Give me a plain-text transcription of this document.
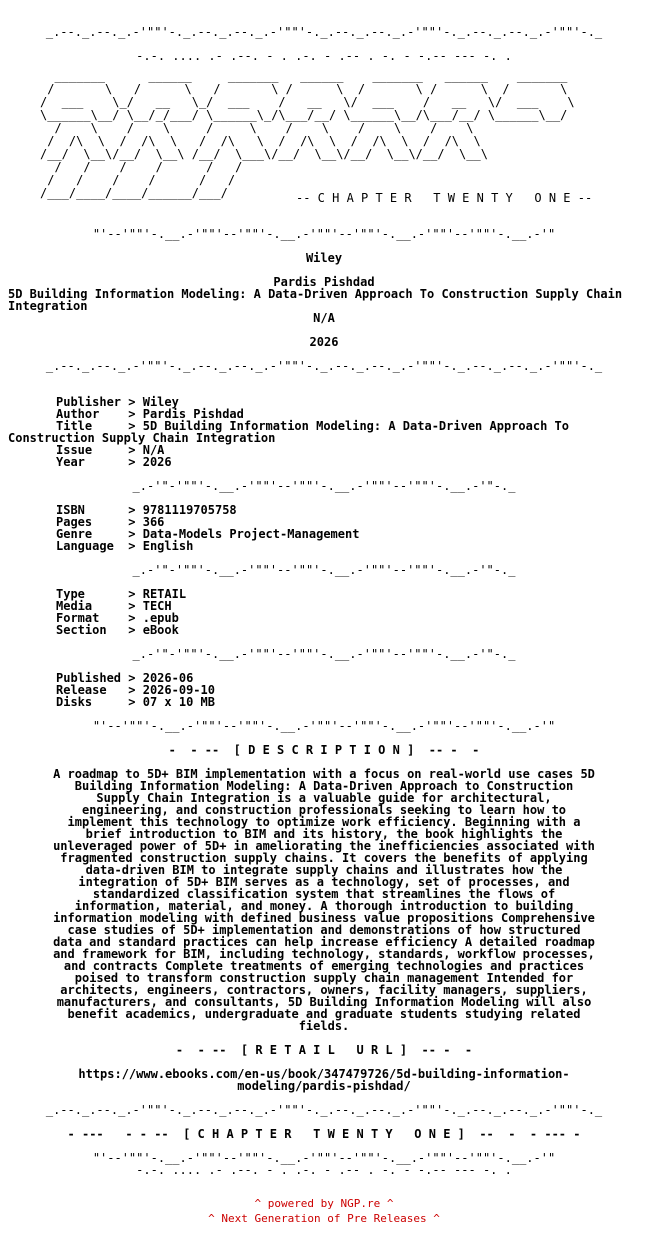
_.--._.--._.-'""'-._.--._.--._.-'""'-._.--._.--._.-'""'-._.--._.--._.-'""'-._
-.-. .... .- .--. - . .-. - .-- . -. - -.-- --- -. .
_______      ______     _______   ______    _______   ______    _______
/       \   /      \   /       \ /      \  /       \ /      \  /       \
/  ___    \_/   __   \_/  ___    /   __   \/  ___    /   __   \/  ___    \
\______\__/ \__/_/___/ \______\_/\___/__/ \______\__/\___/__/ \______\__/
/    \    /    \     /     \    /    \    /    \    /    \
/  /\  \  /  /\  \   /  /\   \  /  /\  \  /  /\  \  /  /\  \
/__/  \__\/__/  \__\ /__/  \___\/__/  \__\/__/  \__\/__/  \__\
/   /    /    /      /   /
/   /    /    /      /   /
/___/____/____/______/___/	-- C H A P T E R   T W E N T Y   O N E --
"'--'""'-.__.-'""'--'""'-.__.-'""'--'""'-.__.-'""'--'""'-.__.-'"
Wiley
Pardis Pishdad
5D Building Information Modeling: A Data-Driven Approach To Construction Supply Chain Integration
N/A
2026
_.--._.--._.-'""'-._.--._.--._.-'""'-._.--._.--._.-'""'-._.--._.--._.-'""'-._
Publisher > Wiley
Author    > Pardis Pishdad
Title     > 5D Building Information Modeling: A Data-Driven Approach To
Construction Supply Chain Integration
Issue     > N/A
Year      > 2026
_.-'"-'""'-.__.-'""'--'""'-.__.-'""'--'""'-.__.-'"-._
ISBN      > 9781119705758
Pages     > 366
Genre     > Data-Models Project-Management
Language  > English
_.-'"-'""'-.__.-'""'--'""'-.__.-'""'--'""'-.__.-'"-._
Type      > RETAIL
Media     > TECH
Format    > .epub
Section   > eBook
_.-'"-'""'-.__.-'""'--'""'-.__.-'""'--'""'-.__.-'"-._
Published > 2026-06
Release   > 2026-09-10
Disks     > 07 x 10 MB
"'--'""'-.__.-'""'--'""'-.__.-'""'--'""'-.__.-'""'--'""'-.__.-'"
-  - --  [ D E S C R I P T I O N ]  -- -  -
A roadmap to 5D+ BIM implementation with a focus on real-world use cases 5D
Building Information Modeling: A Data-Driven Approach to Construction
Supply Chain Integration is a valuable guide for architectural,
engineering, and construction professionals seeking to learn how to
implement this technology to optimize work efficiency. Beginning with a
brief introduction to BIM and its history, the book highlights the
unleveraged power of 5D+ in ameliorating the inefficiencies associated with
fragmented construction supply chains. It covers the benefits of applying
data-driven BIM to integrate supply chains and illustrates how the
integration of 5D+ BIM serves as a technology, set of processes, and
standardized classification system that streamlines the flows of
information, material, and money. A thorough introduction to building
information modeling with defined business value propositions Comprehensive
case studies of 5D+ implementation and demonstrations of how structured
data and standard practices can help increase efficiency A detailed roadmap
and framework for BIM, including technology, standards, workflow processes,
and contracts Complete treatments of emerging technologies and practices
poised to transform construction supply chain management Intended for
architects, engineers, contractors, owners, facility managers, suppliers,
manufacturers, and consultants, 5D Building Information Modeling will also
benefit academics, undergraduate and graduate students studying related
fields.
-  - --  [ R E T A I L   U R L ]  -- -  -
https://www.ebooks.com/en-us/book/347479726/5d-building-information-
modeling/pardis-pishdad/
_.--._.--._.-'""'-._.--._.--._.-'""'-._.--._.--._.-'""'-._.--._.--._.-'""'-._
- ---   - - --  [ C H A P T E R   T W E N T Y   O N E ]  --  -  - --- -
"'--'""'-.__.-'""'--'""'-.__.-'""'--'""'-.__.-'""'--'""'-.__.-'"
-.-. .... .- .--. - . .-. - .-- . -. - -.-- --- -. .
^ powered by NGP.re ^
^ Next Generation of Pre Releases ^
